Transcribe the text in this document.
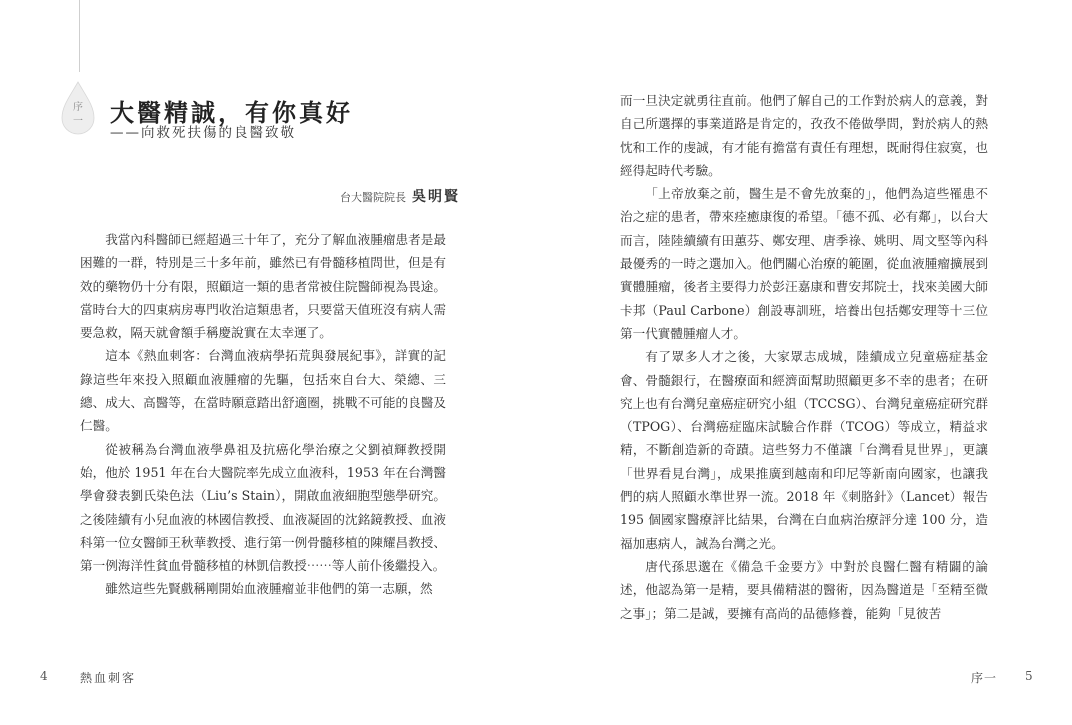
序一 大醫精誠，有你真好
——向救死扶傷的良醫致敬
台大醫院院長 吳明賢

我當內科醫師已經超過三十年了，充分了解血液腫瘤患者是最困難的一群，特別是三十多年前，雖然已有骨髓移植問世，但是有效的藥物仍十分有限，照顧這一類的患者常被住院醫師視為畏途。當時台大的四東病房專門收治這類患者，只要當天值班沒有病人需要急救，隔天就會額手稱慶說實在太幸運了。

這本《熱血刺客：台灣血液病學拓荒與發展紀事》，詳實的記錄這些年來投入照顧血液腫瘤的先驅，包括來自台大、榮總、三總、成大、高醫等，在當時願意踏出舒適圈，挑戰不可能的良醫及仁醫。

從被稱為台灣血液學鼻祖及抗癌化學治療之父劉禎輝教授開始，他於 1951 年在台大醫院率先成立血液科，1953 年在台灣醫學會發表劉氏染色法（Liu’s Stain），開啟血液細胞型態學研究。之後陸續有小兒血液的林國信教授、血液凝固的沈銘鏡教授、血液科第一位女醫師王秋華教授、進行第一例骨髓移植的陳耀昌教授、第一例海洋性貧血骨髓移植的林凱信教授⋯⋯等人前仆後繼投入。

雖然這些先賢戲稱剛開始血液腫瘤並非他們的第一志願，然

4	熱血刺客

而一旦決定就勇往直前。他們了解自己的工作對於病人的意義，對自己所選擇的事業道路是肯定的，孜孜不倦做學問，對於病人的熱忱和工作的虔誠，有才能有擔當有責任有理想，既耐得住寂寞，也經得起時代考驗。

「上帝放棄之前，醫生是不會先放棄的」，他們為這些罹患不治之症的患者，帶來痊癒康復的希望。「德不孤、必有鄰」，以台大而言，陸陸續續有田蕙芬、鄭安理、唐季祿、姚明、周文堅等內科最優秀的一時之選加入。他們關心治療的範圍，從血液腫瘤擴展到實體腫瘤，後者主要得力於彭汪嘉康和曹安邦院士，找來美國大師卡邦（Paul Carbone）創設專訓班，培養出包括鄭安理等十三位第一代實體腫瘤人才。

有了眾多人才之後，大家眾志成城，陸續成立兒童癌症基金會、骨髓銀行，在醫療面和經濟面幫助照顧更多不幸的患者；在研究上也有台灣兒童癌症研究小組（TCCSG）、台灣兒童癌症研究群（TPOG）、台灣癌症臨床試驗合作群（TCOG）等成立，精益求精，不斷創造新的奇蹟。這些努力不僅讓「台灣看見世界」，更讓「世界看見台灣」，成果推廣到越南和印尼等新南向國家，也讓我們的病人照顧水準世界一流。2018 年《刺胳針》（Lancet）報告 195 個國家醫療評比結果，台灣在白血病治療評分達 100 分，造福加惠病人，誠為台灣之光。

唐代孫思邈在《備急千金要方》中對於良醫仁醫有精闢的論述，他認為第一是精，要具備精湛的醫術，因為醫道是「至精至微之事」；第二是誠，要擁有高尚的品德修養，能夠「見彼苦

序一 5
